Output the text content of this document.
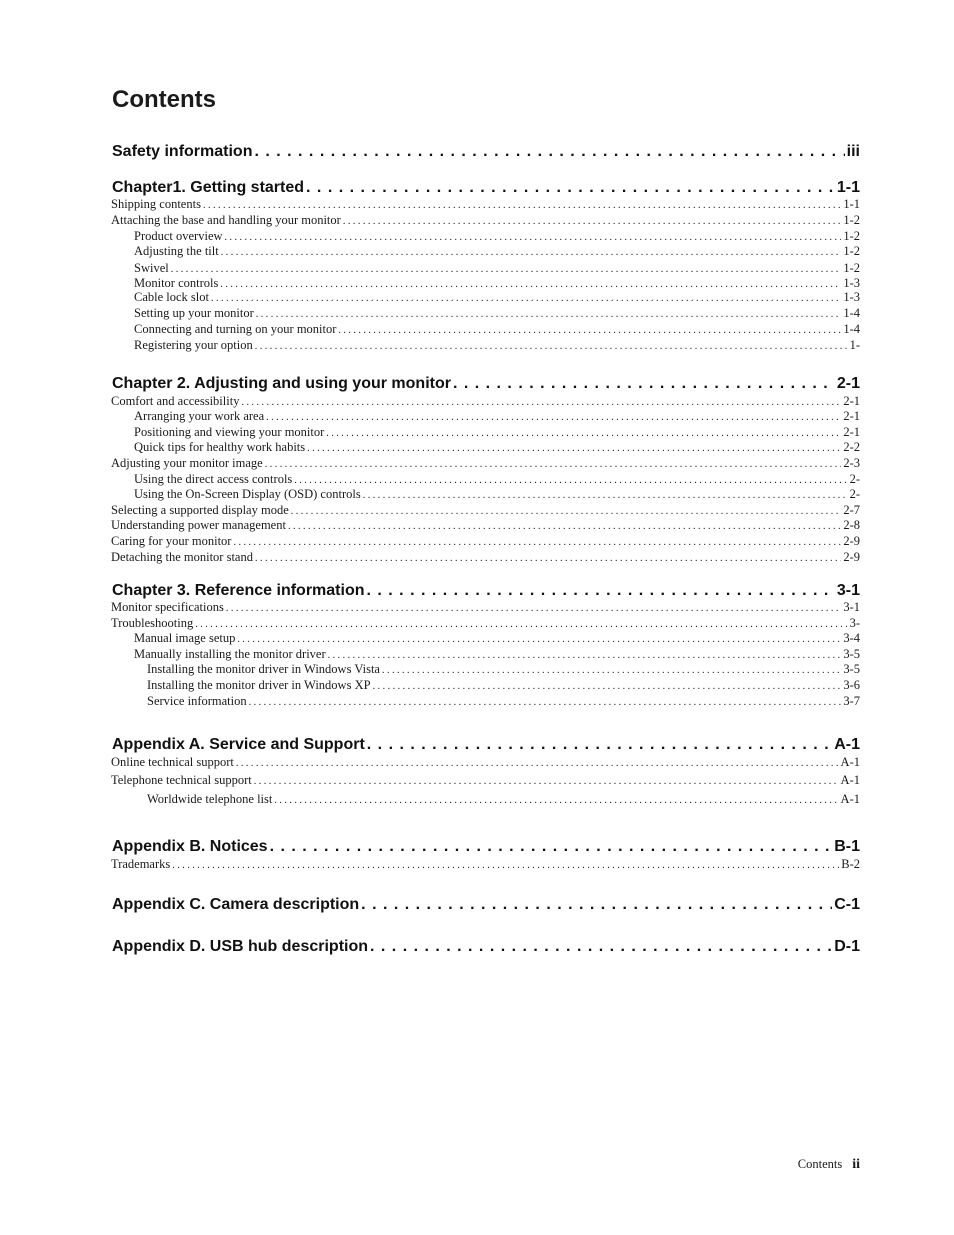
Contents
Safety information . . .	iii
Chapter1. Getting started . . .	1-1
Shipping contents . . .	1-1
Attaching the base and handling your monitor . . .	1-2
Product overview . . .	1-2
Adjusting the tilt . . .	1-2
Swivel . . .	1-2
Monitor controls . . .	1-3
Cable lock slot . . .	1-3
Setting up your monitor . . .	1-4
Connecting and turning on your monitor . . .	1-4
Registering your option . . .	1-
Chapter 2. Adjusting and using your monitor . . .	2-1
Comfort and accessibility . . .	2-1
Arranging your work area . . .	2-1
Positioning and viewing your monitor . . .	2-1
Quick tips for healthy work habits . . .	2-2
Adjusting your monitor image . . .	2-3
Using the direct access controls . . .	2-
Using the On-Screen Display (OSD) controls . . .	2-
Selecting a supported display mode . . .	2-7
Understanding power management . . .	2-8
Caring for your monitor . . .	2-9
Detaching the monitor stand . . .	2-9
Chapter 3. Reference information . . .	3-1
Monitor specifications . . .	3-1
Troubleshooting . . .	3-
Manual image setup . . .	3-4
Manually installing the monitor driver . . .	3-5
Installing the monitor driver in Windows Vista . . .	3-5
Installing the monitor driver in Windows XP . . .	3-6
Service information . . .	3-7
Appendix A. Service and Support . . .	A-1
Online technical support . . .	A-1
Telephone technical support . . .	A-1
Worldwide telephone list . . .	A-1
Appendix B. Notices . . .	B-1
Trademarks . . .	B-2
Appendix C. Camera description . . .	C-1
Appendix D. USB hub description . . .	D-1
Contents ii
